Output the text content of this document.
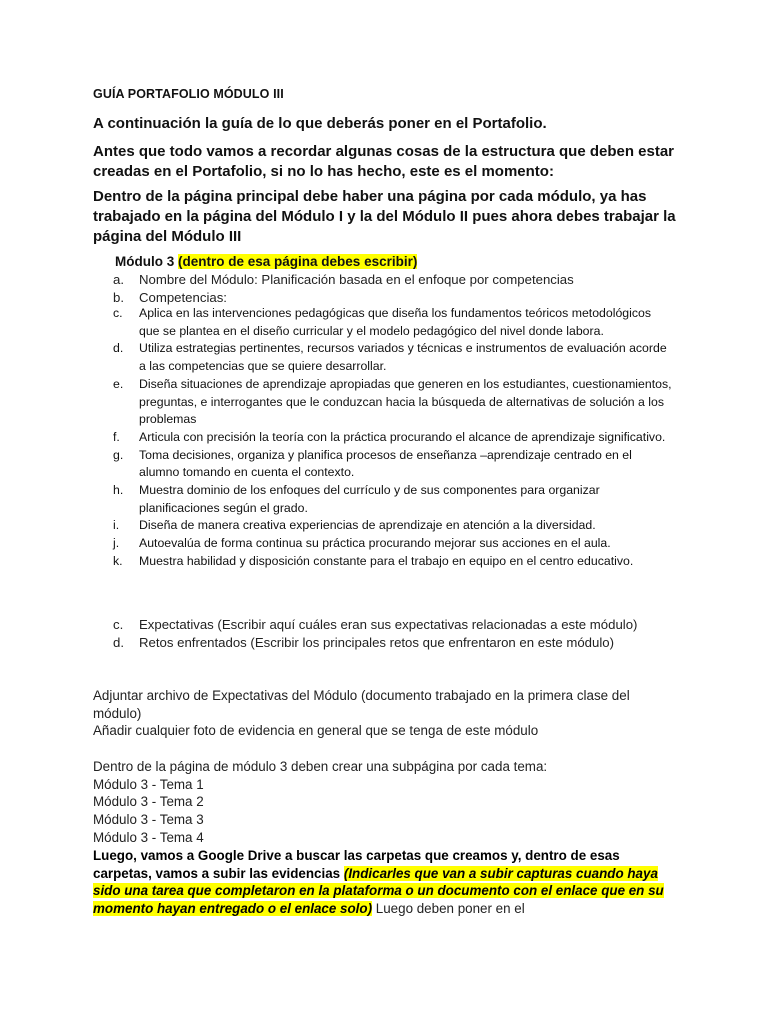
GUÍA PORTAFOLIO MÓDULO III
A continuación la guía de lo que deberás poner en el Portafolio.
Antes que todo vamos a recordar algunas cosas de la estructura que deben estar creadas en el Portafolio, si no lo has hecho, este es el momento:
Dentro de la página principal debe haber una página por cada módulo, ya has trabajado en la página del Módulo I y la del Módulo II pues ahora debes trabajar la página del Módulo III
Módulo 3 (dentro de esa página debes escribir)
a.	Nombre del Módulo: Planificación basada en el enfoque por competencias
b.	Competencias:
c.	Aplica en las intervenciones pedagógicas que diseña los fundamentos teóricos metodológicos que se plantea en el diseño curricular y el modelo pedagógico del nivel donde labora.
d.	Utiliza estrategias pertinentes, recursos variados y técnicas e instrumentos de evaluación acorde a las competencias que se quiere desarrollar.
e.	Diseña situaciones de aprendizaje apropiadas que generen en los estudiantes, cuestionamientos, preguntas, e interrogantes que le conduzcan hacia la búsqueda de alternativas de solución a los problemas
f.	Articula con precisión la teoría con la práctica procurando el alcance de aprendizaje significativo.
g.	Toma decisiones, organiza y planifica procesos de enseñanza –aprendizaje centrado en el alumno tomando en cuenta el contexto.
h.	Muestra dominio de los enfoques del currículo y de sus componentes para organizar planificaciones según el grado.
i.	Diseña de manera creativa experiencias de aprendizaje en atención a la diversidad.
j.	Autoevalúa de forma continua su práctica procurando mejorar sus acciones en el aula.
k.	Muestra habilidad y disposición constante para el trabajo en equipo en el centro educativo.
c.	Expectativas (Escribir aquí cuáles eran sus expectativas relacionadas a este módulo)
d.	Retos enfrentados (Escribir los principales retos que enfrentaron en este módulo)
Adjuntar archivo de Expectativas del Módulo (documento trabajado en la primera clase del módulo)
Añadir cualquier foto de evidencia en general que se tenga de este módulo
Dentro de la página de módulo 3 deben crear una subpágina por cada tema:
Módulo 3 - Tema 1
Módulo 3 - Tema 2
Módulo 3 - Tema 3
Módulo 3 - Tema 4
Luego, vamos a Google Drive a buscar las carpetas que creamos y, dentro de esas carpetas, vamos a subir las evidencias (Indicarles que van a subir capturas cuando haya sido una tarea que completaron en la plataforma o un documento con el enlace que en su momento hayan entregado o el enlace solo) Luego deben poner en el
